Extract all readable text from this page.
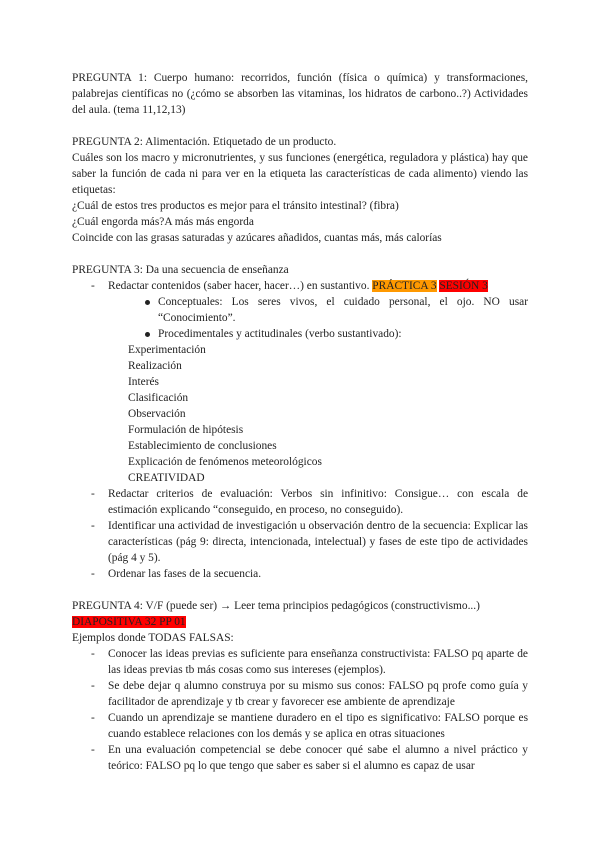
PREGUNTA 1: Cuerpo humano: recorridos, función (física o química) y transformaciones, palabrejas científicas no (¿cómo se absorben las vitaminas, los hidratos de carbono..?) Actividades del aula. (tema 11,12,13)

PREGUNTA 2: Alimentación. Etiquetado de un producto.

Cuáles son los macro y micronutrientes, y sus funciones (energética, reguladora y plástica) hay que saber la función de cada ni para ver en la etiqueta las características de cada alimento) viendo las etiquetas:

¿Cuál de estos tres productos es mejor para el tránsito intestinal? (fibra)

¿Cuál engorda más?A más más engorda

Coincide con las grasas saturadas y azúcares añadidos, cuantas más, más calorías

PREGUNTA 3: Da una secuencia de enseñanza

- Redactar contenidos (saber hacer, hacer…) en sustantivo. PRÁCTICA 3 SESIÓN 3
Conceptuales: Los seres vivos, el cuidado personal, el ojo. NO usar “Conocimiento”.
Procedimentales y actitudinales (verbo sustantivado):
Experimentación
Realización
Interés
Clasificación
Observación
Formulación de hipótesis
Establecimiento de conclusiones
Explicación de fenómenos meteorológicos
CREATIVIDAD
- Redactar criterios de evaluación: Verbos sin infinitivo: Consigue… con escala de estimación explicando “conseguido, en proceso, no conseguido).
- Identificar una actividad de investigación u observación dentro de la secuencia: Explicar las características (pág 9: directa, intencionada, intelectual) y fases de este tipo de actividades (pág 4 y 5).
- Ordenar las fases de la secuencia.

PREGUNTA 4: V/F (puede ser) → Leer tema principios pedagógicos (constructivismo...)

DIAPOSITIVA 32 PP 01

Ejemplos donde TODAS FALSAS:

- Conocer las ideas previas es suficiente para enseñanza constructivista: FALSO pq aparte de las ideas previas tb más cosas como sus intereses (ejemplos).
- Se debe dejar q alumno construya por su mismo sus conos: FALSO pq profe como guía y facilitador de aprendizaje y tb crear y favorecer ese ambiente de aprendizaje
- Cuando un aprendizaje se mantiene duradero en el tipo es significativo: FALSO porque es cuando establece relaciones con los demás y se aplica en otras situaciones
- En una evaluación competencial se debe conocer qué sabe el alumno a nivel práctico y teórico: FALSO pq lo que tengo que saber es saber si el alumno es capaz de usar
